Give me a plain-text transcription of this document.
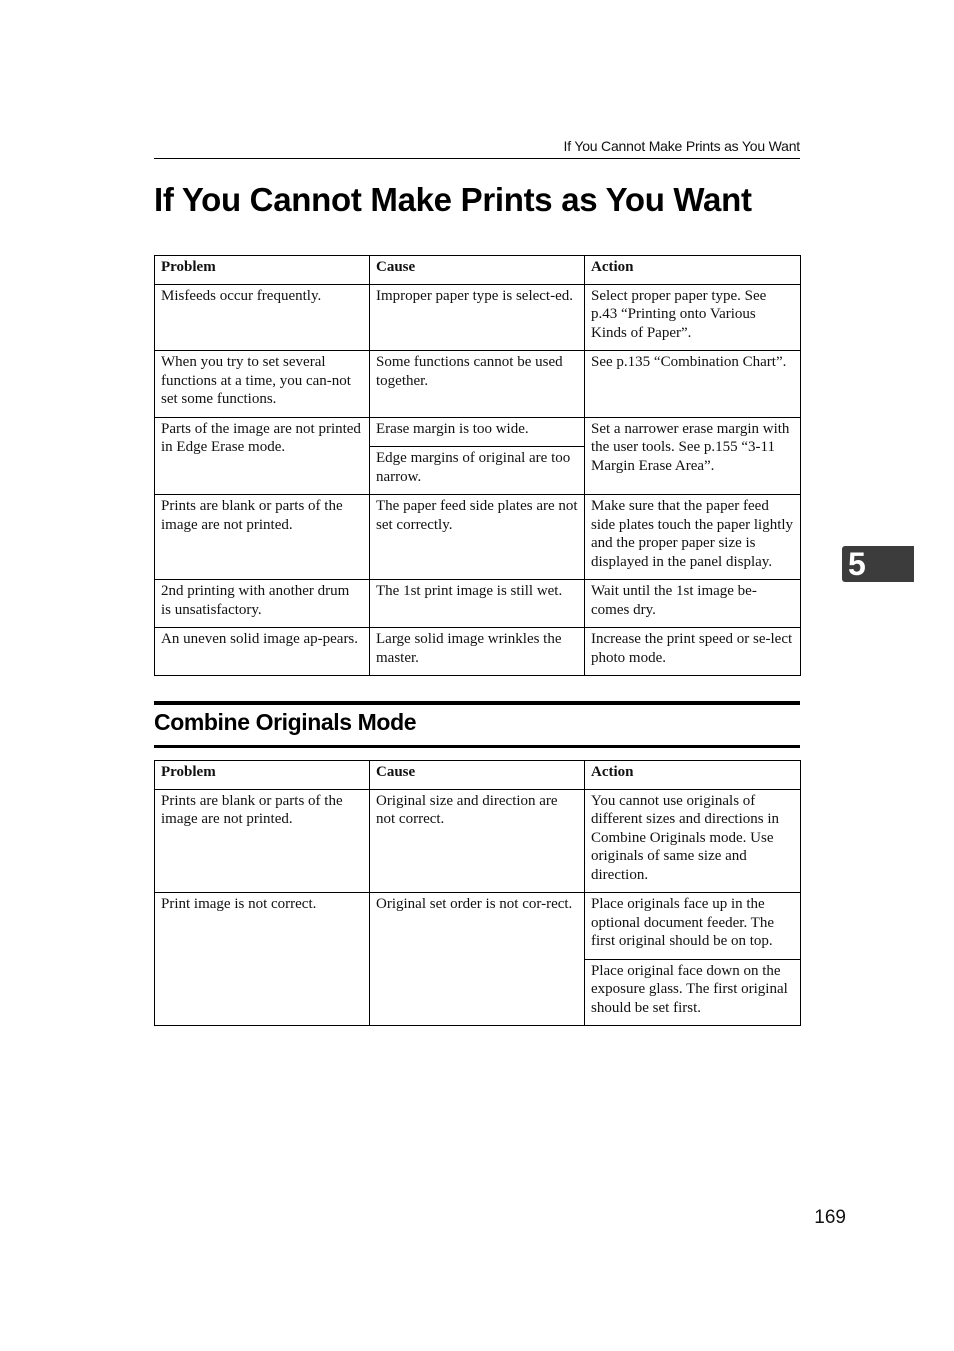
If You Cannot Make Prints as You Want
If You Cannot Make Prints as You Want
Problem	Cause	Action
Misfeeds occur frequently.	Improper paper type is select-ed.	Select proper paper type. See p.43 “Printing onto Various Kinds of Paper”.
When you try to set several functions at a time, you can-not set some functions.	Some functions cannot be used together.	See p.135 “Combination Chart”.
Parts of the image are not printed in Edge Erase mode.	Erase margin is too wide.	Set a narrower erase margin with the user tools. See p.155 “3-11 Margin Erase Area”.
	Edge margins of original are too narrow.	
Prints are blank or parts of the image are not printed.	The paper feed side plates are not set correctly.	Make sure that the paper feed side plates touch the paper lightly and the proper paper size is displayed in the panel display.
2nd printing with another drum is unsatisfactory.	The 1st print image is still wet.	Wait until the 1st image be-comes dry.
An uneven solid image ap-pears.	Large solid image wrinkles the master.	Increase the print speed or se-lect photo mode.
Combine Originals Mode
Problem	Cause	Action
Prints are blank or parts of the image are not printed.	Original size and direction are not correct.	You cannot use originals of different sizes and directions in Combine Originals mode. Use originals of same size and direction.
Print image is not correct.	Original set order is not cor-rect.	Place originals face up in the optional document feeder. The first original should be on top.
		Place original face down on the exposure glass. The first original should be set first.
5
169
